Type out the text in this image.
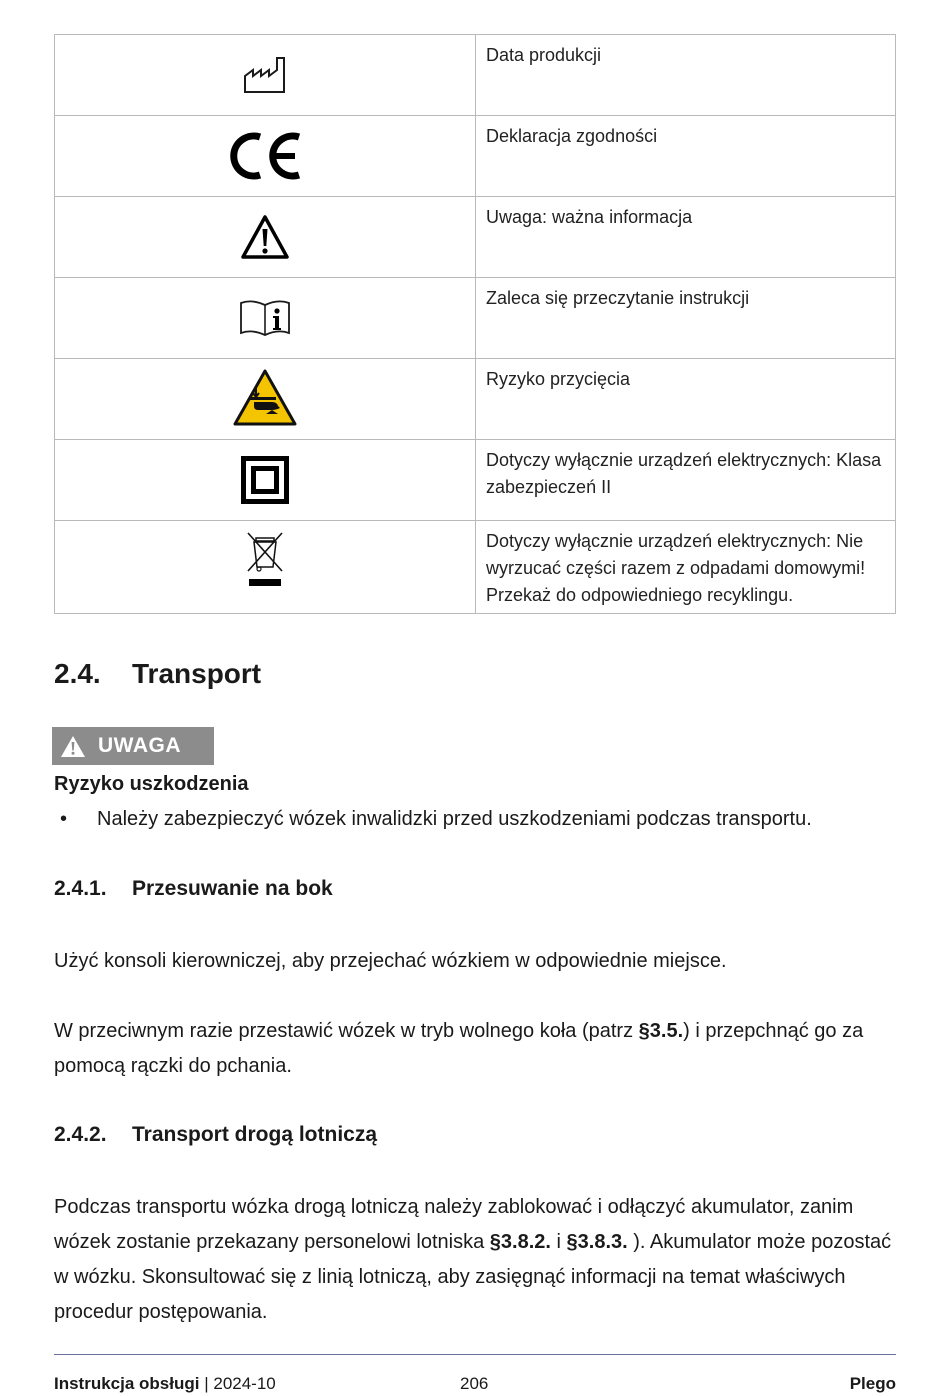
	Data produkcji

	Deklaracja zgodności

	Uwaga: ważna informacja

	Zaleca się przeczytanie instrukcji

	Ryzyko przycięcia

	Dotyczy wyłącznie urządzeń elektrycznych: Klasa zabezpieczeń II

	Dotyczy wyłącznie urządzeń elektrycznych: Nie wyrzucać części razem z odpadami domowymi! Przekaż do odpowiedniego recyklingu.
2.4. Transport
UWAGA
Ryzyko uszkodzenia
• Należy zabezpieczyć wózek inwalidzki przed uszkodzeniami podczas transportu.
2.4.1. Przesuwanie na bok
Użyć konsoli kierowniczej, aby przejechać wózkiem w odpowiednie miejsce.
W przeciwnym razie przestawić wózek w tryb wolnego koła (patrz §3.5.) i przepchnąć go za pomocą rączki do pchania.
2.4.2. Transport drogą lotniczą
Podczas transportu wózka drogą lotniczą należy zablokować i odłączyć akumulator, zanim wózek zostanie przekazany personelowi lotniska §3.8.2. i §3.8.3. ). Akumulator może pozostać w wózku. Skonsultować się z linią lotniczą, aby zasięgnąć informacji na temat właściwych procedur postępowania.
Instrukcja obsługi | 2024-10	206	Plego
